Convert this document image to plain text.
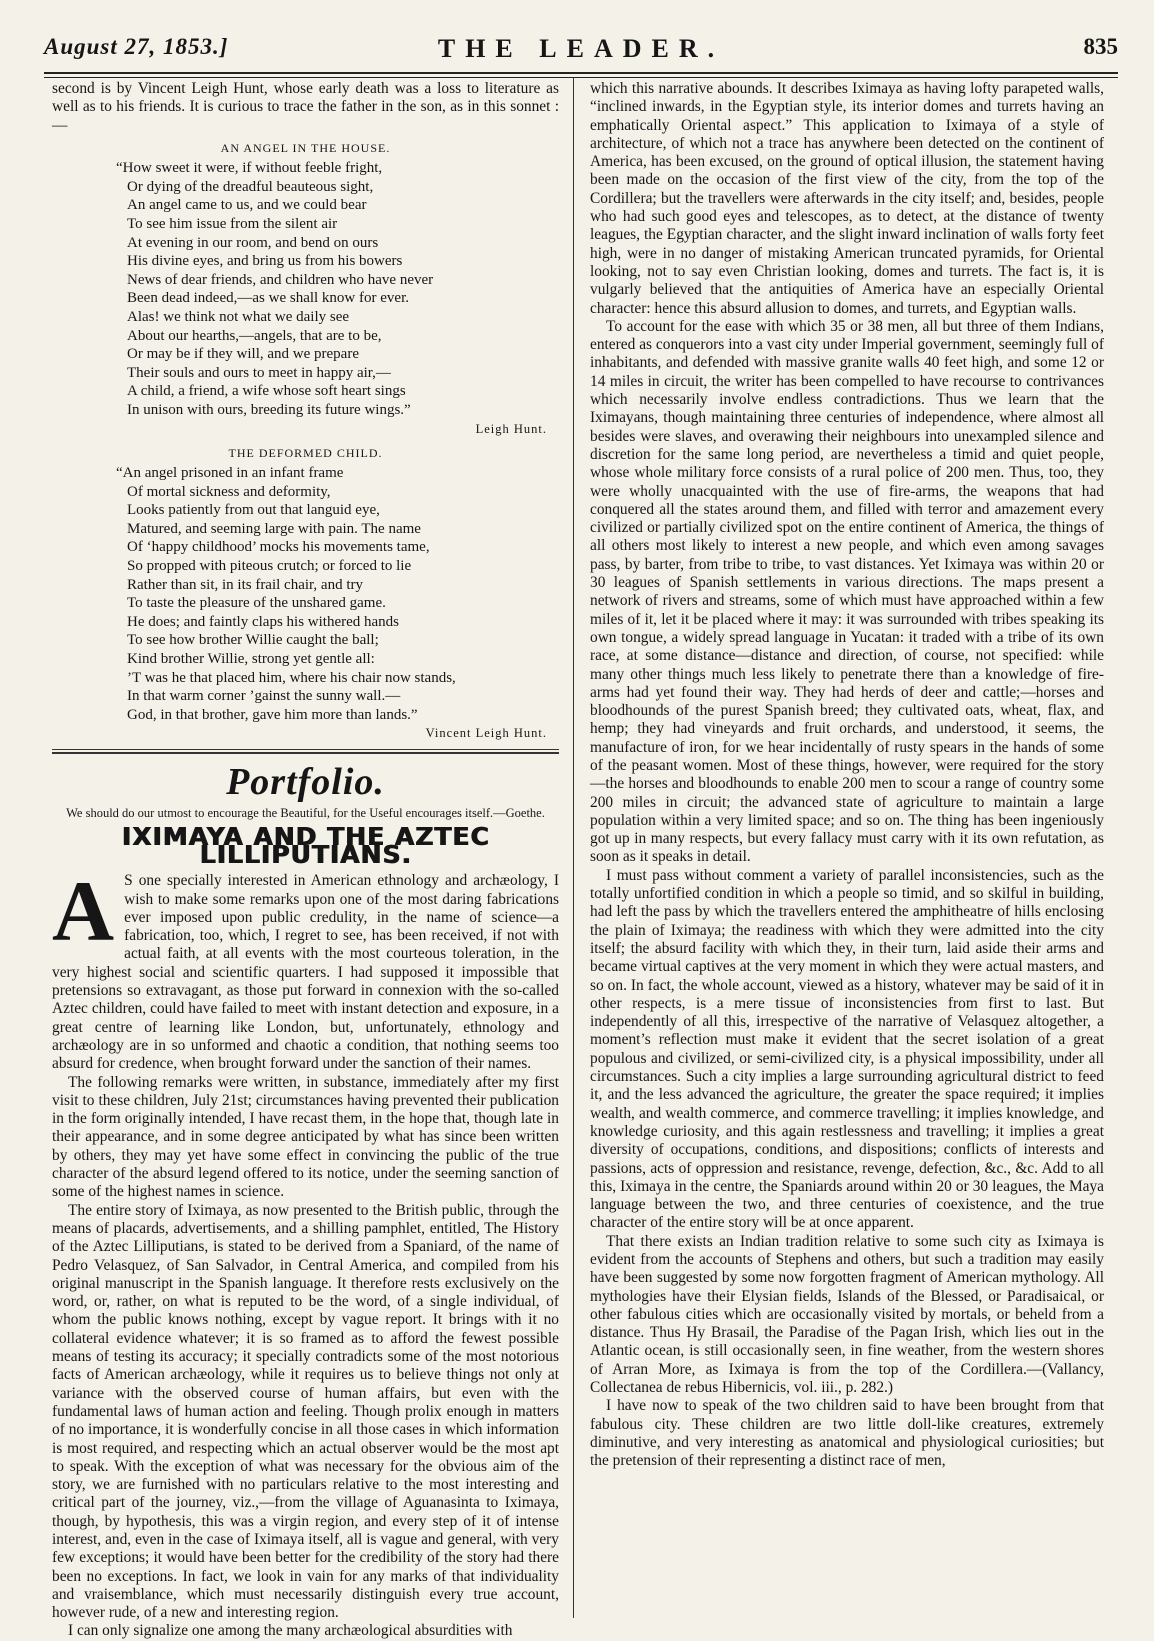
August 27, 1853.]	THE LEADER.	835

second is by Vincent Leigh Hunt, whose early death was a loss to literature as well as to his friends. It is curious to trace the father in the son, as in this sonnet :—

AN ANGEL IN THE HOUSE.
“How sweet it were, if without feeble fright,
Or dying of the dreadful beauteous sight,
An angel came to us, and we could bear
To see him issue from the silent air
At evening in our room, and bend on ours
His divine eyes, and bring us from his bowers
News of dear friends, and children who have never
Been dead indeed,—as we shall know for ever.
Alas! we think not what we daily see
About our hearths,—angels, that are to be,
Or may be if they will, and we prepare
Their souls and ours to meet in happy air,—
A child, a friend, a wife whose soft heart sings
In unison with ours, breeding its future wings.”
Leigh Hunt.
THE DEFORMED CHILD.
“An angel prisoned in an infant frame
Of mortal sickness and deformity,
Looks patiently from out that languid eye,
Matured, and seeming large with pain. The name
Of ‘happy childhood’ mocks his movements tame,
So propped with piteous crutch; or forced to lie
Rather than sit, in its frail chair, and try
To taste the pleasure of the unshared game.
He does; and faintly claps his withered hands
To see how brother Willie caught the ball;
Kind brother Willie, strong yet gentle all:
’T was he that placed him, where his chair now stands,
In that warm corner ’gainst the sunny wall.—
God, in that brother, gave him more than lands.”
Vincent Leigh Hunt.
Portfolio.
We should do our utmost to encourage the Beautiful, for the Useful encourages itself.—Goethe.
IXIMAYA AND THE AZTEC LILLIPUTIANS.

A S one specially interested in American ethnology and archæology, I wish to make some remarks upon one of the most daring fabrications ever imposed upon public credulity, in the name of science—a fabrication, too, which, I regret to see, has been received, if not with actual faith, at all events with the most courteous toleration, in the very highest social and scientific quarters. I had supposed it impossible that pretensions so extravagant, as those put forward in connexion with the so-called Aztec children, could have failed to meet with instant detection and exposure, in a great centre of learning like London, but, unfortunately, ethnology and archæology are in so unformed and chaotic a condition, that nothing seems too absurd for credence, when brought forward under the sanction of their names.

The following remarks were written, in substance, immediately after my first visit to these children, July 21st; circumstances having prevented their publication in the form originally intended, I have recast them, in the hope that, though late in their appearance, and in some degree anticipated by what has since been written by others, they may yet have some effect in convincing the public of the true character of the absurd legend offered to its notice, under the seeming sanction of some of the highest names in science.

The entire story of Iximaya, as now presented to the British public, through the means of placards, advertisements, and a shilling pamphlet, entitled, The History of the Aztec Lilliputians, is stated to be derived from a Spaniard, of the name of Pedro Velasquez, of San Salvador, in Central America, and compiled from his original manuscript in the Spanish language. It therefore rests exclusively on the word, or, rather, on what is reputed to be the word, of a single individual, of whom the public knows nothing, except by vague report. It brings with it no collateral evidence whatever; it is so framed as to afford the fewest possible means of testing its accuracy; it specially contradicts some of the most notorious facts of American archæology, while it requires us to believe things not only at variance with the observed course of human affairs, but even with the fundamental laws of human action and feeling. Though prolix enough in matters of no importance, it is wonderfully concise in all those cases in which information is most required, and respecting which an actual observer would be the most apt to speak. With the exception of what was necessary for the obvious aim of the story, we are furnished with no particulars relative to the most interesting and critical part of the journey, viz.,—from the village of Aguanasinta to Iximaya, though, by hypothesis, this was a virgin region, and every step of it of intense interest, and, even in the case of Iximaya itself, all is vague and general, with very few exceptions; it would have been better for the credibility of the story had there been no exceptions. In fact, we look in vain for any marks of that individuality and vraisemblance, which must necessarily distinguish every true account, however rude, of a new and interesting region.

I can only signalize one among the many archæological absurdities with

which this narrative abounds. It describes Iximaya as having lofty parapeted walls, “inclined inwards, in the Egyptian style, its interior domes and turrets having an emphatically Oriental aspect.” This application to Iximaya of a style of architecture, of which not a trace has anywhere been detected on the continent of America, has been excused, on the ground of optical illusion, the statement having been made on the occasion of the first view of the city, from the top of the Cordillera; but the travellers were afterwards in the city itself; and, besides, people who had such good eyes and telescopes, as to detect, at the distance of twenty leagues, the Egyptian character, and the slight inward inclination of walls forty feet high, were in no danger of mistaking American truncated pyramids, for Oriental looking, not to say even Christian looking, domes and turrets. The fact is, it is vulgarly believed that the antiquities of America have an especially Oriental character: hence this absurd allusion to domes, and turrets, and Egyptian walls.

To account for the ease with which 35 or 38 men, all but three of them Indians, entered as conquerors into a vast city under Imperial government, seemingly full of inhabitants, and defended with massive granite walls 40 feet high, and some 12 or 14 miles in circuit, the writer has been compelled to have recourse to contrivances which necessarily involve endless contradictions. Thus we learn that the Iximayans, though maintaining three centuries of independence, where almost all besides were slaves, and overawing their neighbours into unexampled silence and discretion for the same long period, are nevertheless a timid and quiet people, whose whole military force consists of a rural police of 200 men. Thus, too, they were wholly unacquainted with the use of fire-arms, the weapons that had conquered all the states around them, and filled with terror and amazement every civilized or partially civilized spot on the entire continent of America, the things of all others most likely to interest a new people, and which even among savages pass, by barter, from tribe to tribe, to vast distances. Yet Iximaya was within 20 or 30 leagues of Spanish settlements in various directions. The maps present a network of rivers and streams, some of which must have approached within a few miles of it, let it be placed where it may: it was surrounded with tribes speaking its own tongue, a widely spread language in Yucatan: it traded with a tribe of its own race, at some distance—distance and direction, of course, not specified: while many other things much less likely to penetrate there than a knowledge of fire-arms had yet found their way. They had herds of deer and cattle;—horses and bloodhounds of the purest Spanish breed; they cultivated oats, wheat, flax, and hemp; they had vineyards and fruit orchards, and understood, it seems, the manufacture of iron, for we hear incidentally of rusty spears in the hands of some of the peasant women. Most of these things, however, were required for the story—the horses and bloodhounds to enable 200 men to scour a range of country some 200 miles in circuit; the advanced state of agriculture to maintain a large population within a very limited space; and so on. The thing has been ingeniously got up in many respects, but every fallacy must carry with it its own refutation, as soon as it speaks in detail.

I must pass without comment a variety of parallel inconsistencies, such as the totally unfortified condition in which a people so timid, and so skilful in building, had left the pass by which the travellers entered the amphitheatre of hills enclosing the plain of Iximaya; the readiness with which they were admitted into the city itself; the absurd facility with which they, in their turn, laid aside their arms and became virtual captives at the very moment in which they were actual masters, and so on. In fact, the whole account, viewed as a history, whatever may be said of it in other respects, is a mere tissue of inconsistencies from first to last. But independently of all this, irrespective of the narrative of Velasquez altogether, a moment’s reflection must make it evident that the secret isolation of a great populous and civilized, or semi-civilized city, is a physical impossibility, under all circumstances. Such a city implies a large surrounding agricultural district to feed it, and the less advanced the agriculture, the greater the space required; it implies wealth, and wealth commerce, and commerce travelling; it implies knowledge, and knowledge curiosity, and this again restlessness and travelling; it implies a great diversity of occupations, conditions, and dispositions; conflicts of interests and passions, acts of oppression and resistance, revenge, defection, &c., &c. Add to all this, Iximaya in the centre, the Spaniards around within 20 or 30 leagues, the Maya language between the two, and three centuries of coexistence, and the true character of the entire story will be at once apparent.

That there exists an Indian tradition relative to some such city as Iximaya is evident from the accounts of Stephens and others, but such a tradition may easily have been suggested by some now forgotten fragment of American mythology. All mythologies have their Elysian fields, Islands of the Blessed, or Paradisaical, or other fabulous cities which are occasionally visited by mortals, or beheld from a distance. Thus Hy Brasail, the Paradise of the Pagan Irish, which lies out in the Atlantic ocean, is still occasionally seen, in fine weather, from the western shores of Arran More, as Iximaya is from the top of the Cordillera.—(Vallancy, Collectanea de rebus Hibernicis, vol. iii., p. 282.)

I have now to speak of the two children said to have been brought from that fabulous city. These children are two little doll-like creatures, extremely diminutive, and very interesting as anatomical and physiological curiosities; but the pretension of their representing a distinct race of men,
